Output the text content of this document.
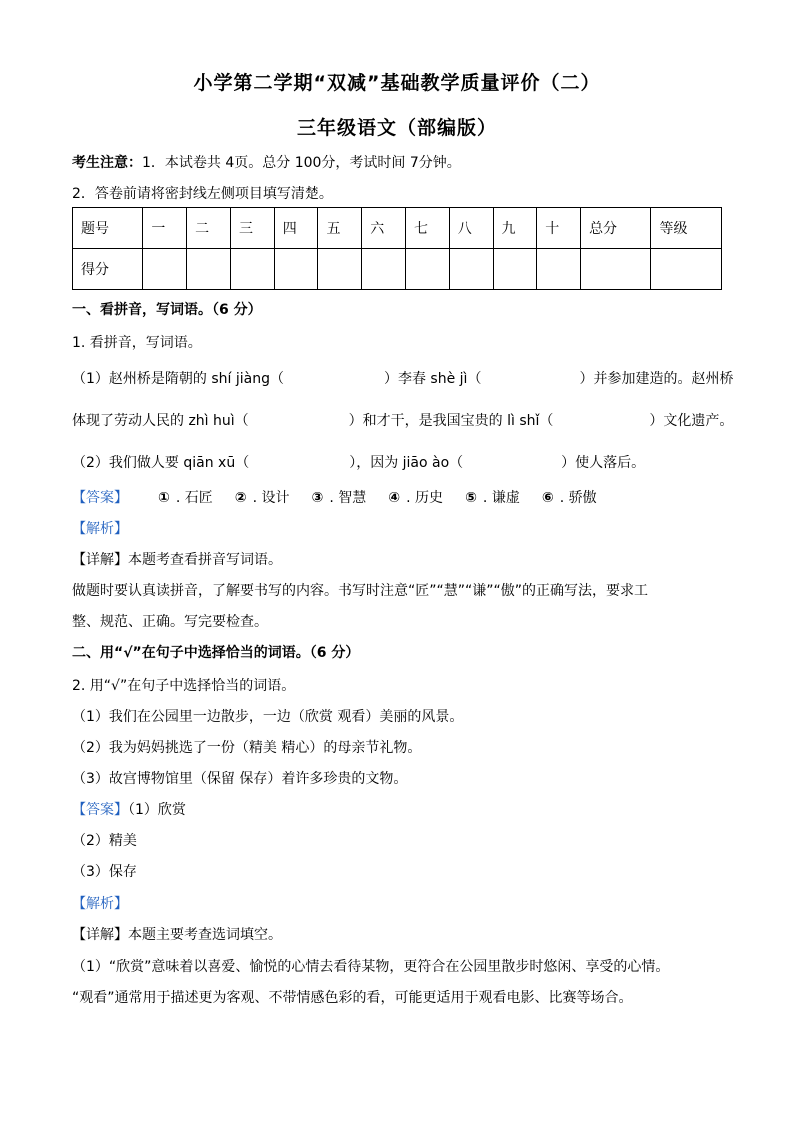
小学第二学期“双减”基础教学质量评价（二）
三年级语文（部编版）
考生注意：1．本试卷共 4页。总分 100分，考试时间 7分钟。
2．答卷前请将密封线左侧项目填写清楚。
题号	一	二	三	四	五	六	七	八	九	十	总分	等级
得分												
一、看拼音，写词语。（6 分）
1. 看拼音，写词语。
（1）赵州桥是隋朝的 shí jiàng（	）李春 shè jì（	）并参加建造的。赵州桥
体现了劳动人民的 zhì huì（	）和才干，是我国宝贵的 lì shǐ（	）文化遗产。
（2）我们做人要 qiān xū（	），因为 jiāo ào（	）使人落后。
【答案】 ① . 石匠 ② . 设计 ③ . 智慧 ④ . 历史 ⑤ . 谦虚 ⑥ . 骄傲
【解析】
【详解】本题考查看拼音写词语。
做题时要认真读拼音，了解要书写的内容。书写时注意“匠”“慧”“谦”“傲”的正确写法，要求工
整、规范、正确。写完要检查。
二、用“√”在句子中选择恰当的词语。（6 分）
2. 用“√”在句子中选择恰当的词语。
（1）我们在公园里一边散步，一边（欣赏 观看）美丽的风景。
（2）我为妈妈挑选了一份（精美 精心）的母亲节礼物。
（3）故宫博物馆里（保留 保存）着许多珍贵的文物。
【答案】（1）欣赏
（2）精美
（3）保存
【解析】
【详解】本题主要考查选词填空。
（1）“欣赏”意味着以喜爱、愉悦的心情去看待某物，更符合在公园里散步时悠闲、享受的心情。
“观看”通常用于描述更为客观、不带情感色彩的看，可能更适用于观看电影、比赛等场合。
